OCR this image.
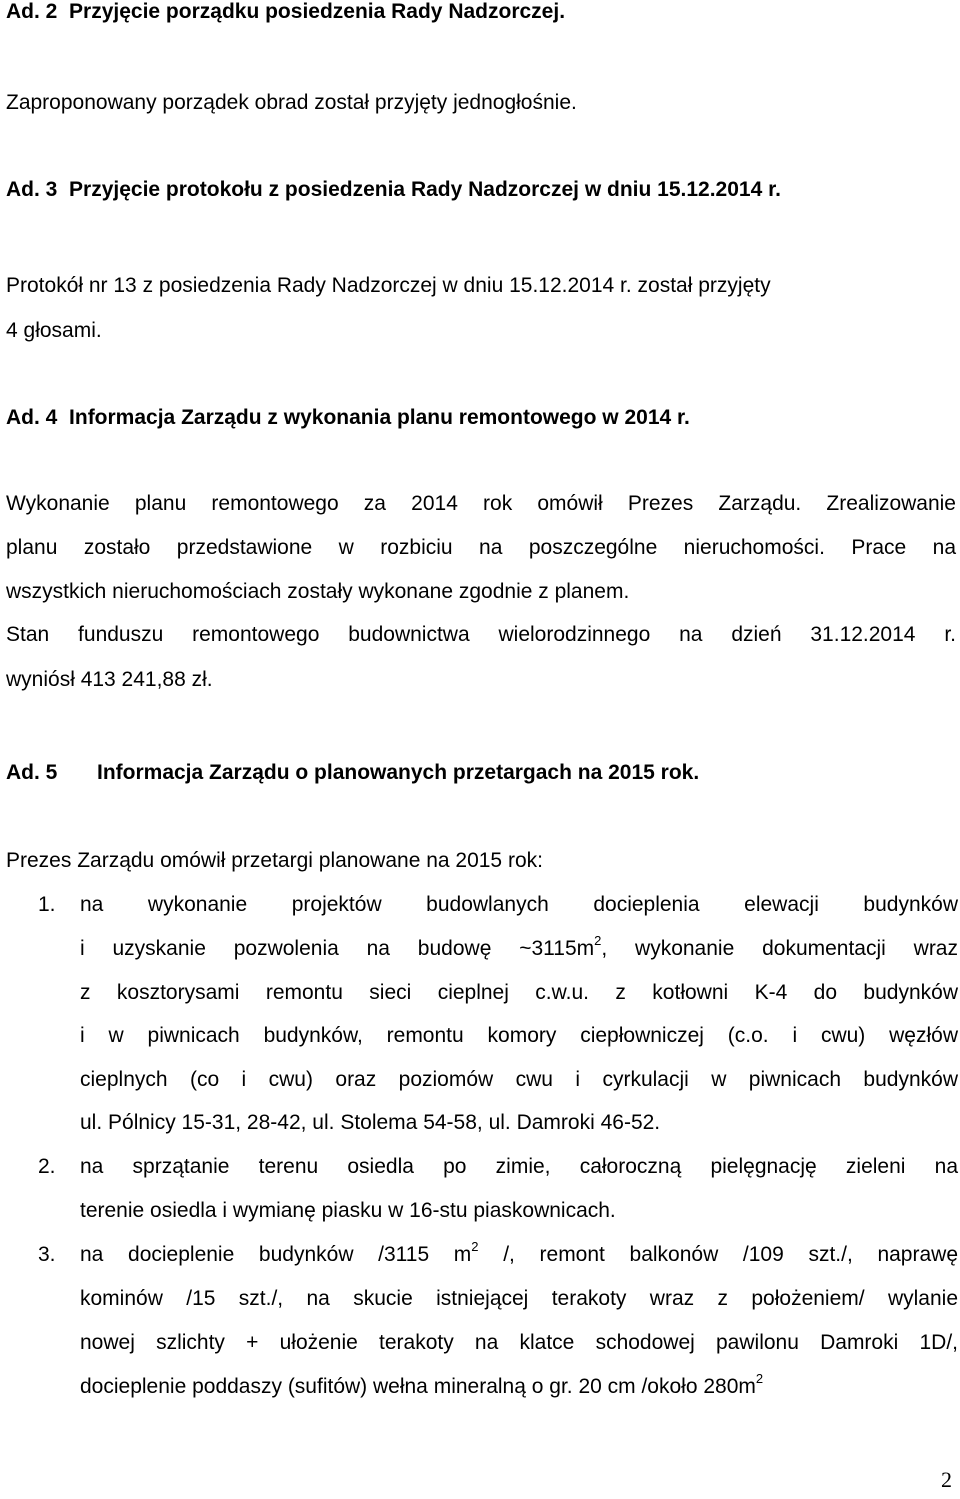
Ad. 2 Przyjęcie porządku posiedzenia Rady Nadzorczej.
Zaproponowany porządek obrad został przyjęty jednogłośnie.
Ad. 3 Przyjęcie protokołu z posiedzenia Rady Nadzorczej w dniu 15.12.2014 r.
Protokół nr 13 z posiedzenia Rady Nadzorczej w dniu 15.12.2014 r. został przyjęty
4 głosami.
Ad. 4 Informacja Zarządu z wykonania planu remontowego w 2014 r.
Wykonanie planu remontowego za 2014 rok omówił Prezes Zarządu. Zrealizowanie
planu zostało przedstawione w rozbiciu na poszczególne nieruchomości. Prace na
wszystkich nieruchomościach zostały wykonane zgodnie z planem.
Stan funduszu remontowego budownictwa wielorodzinnego na dzień 31.12.2014 r.
wyniósł 413 241,88 zł.
Ad. 5 Informacja Zarządu o planowanych przetargach na 2015 rok.
Prezes Zarządu omówił przetargi planowane na 2015 rok:
1. na wykonanie projektów budowlanych docieplenia elewacji budynków
i uzyskanie pozwolenia na budowę $\sim 3115m^2$, wykonanie dokumentacji wraz
z kosztorysami remontu sieci cieplnej c.w.u. z kotłowni K-4 do budynków
i w piwnicach budynków, remontu komory ciepłowniczej (c.o. i cwu) węzłów
cieplnych (co i cwu) oraz poziomów cwu i cyrkulacji w piwnicach budynków
ul. Pólnicy 15-31, 28-42, ul. Stolema 54-58, ul. Damroki 46-52.
2. na sprzątanie terenu osiedla po zimie, całoroczną pielęgnację zieleni na
terenie osiedla i wymianę piasku w 16-stu piaskownicach.
3. na docieplenie budynków /3115 $m^2$ /, remont balkonów /109 szt./, naprawę
kominów /15 szt./, na skucie istniejącej terakoty wraz z położeniem/ wylanie
nowej szlichty + ułożenie terakoty na klatce schodowej pawilonu Damroki 1D/,
docieplenie poddaszy (sufitów) wełna mineralną o gr. 20 cm /około $280m^2$
2
